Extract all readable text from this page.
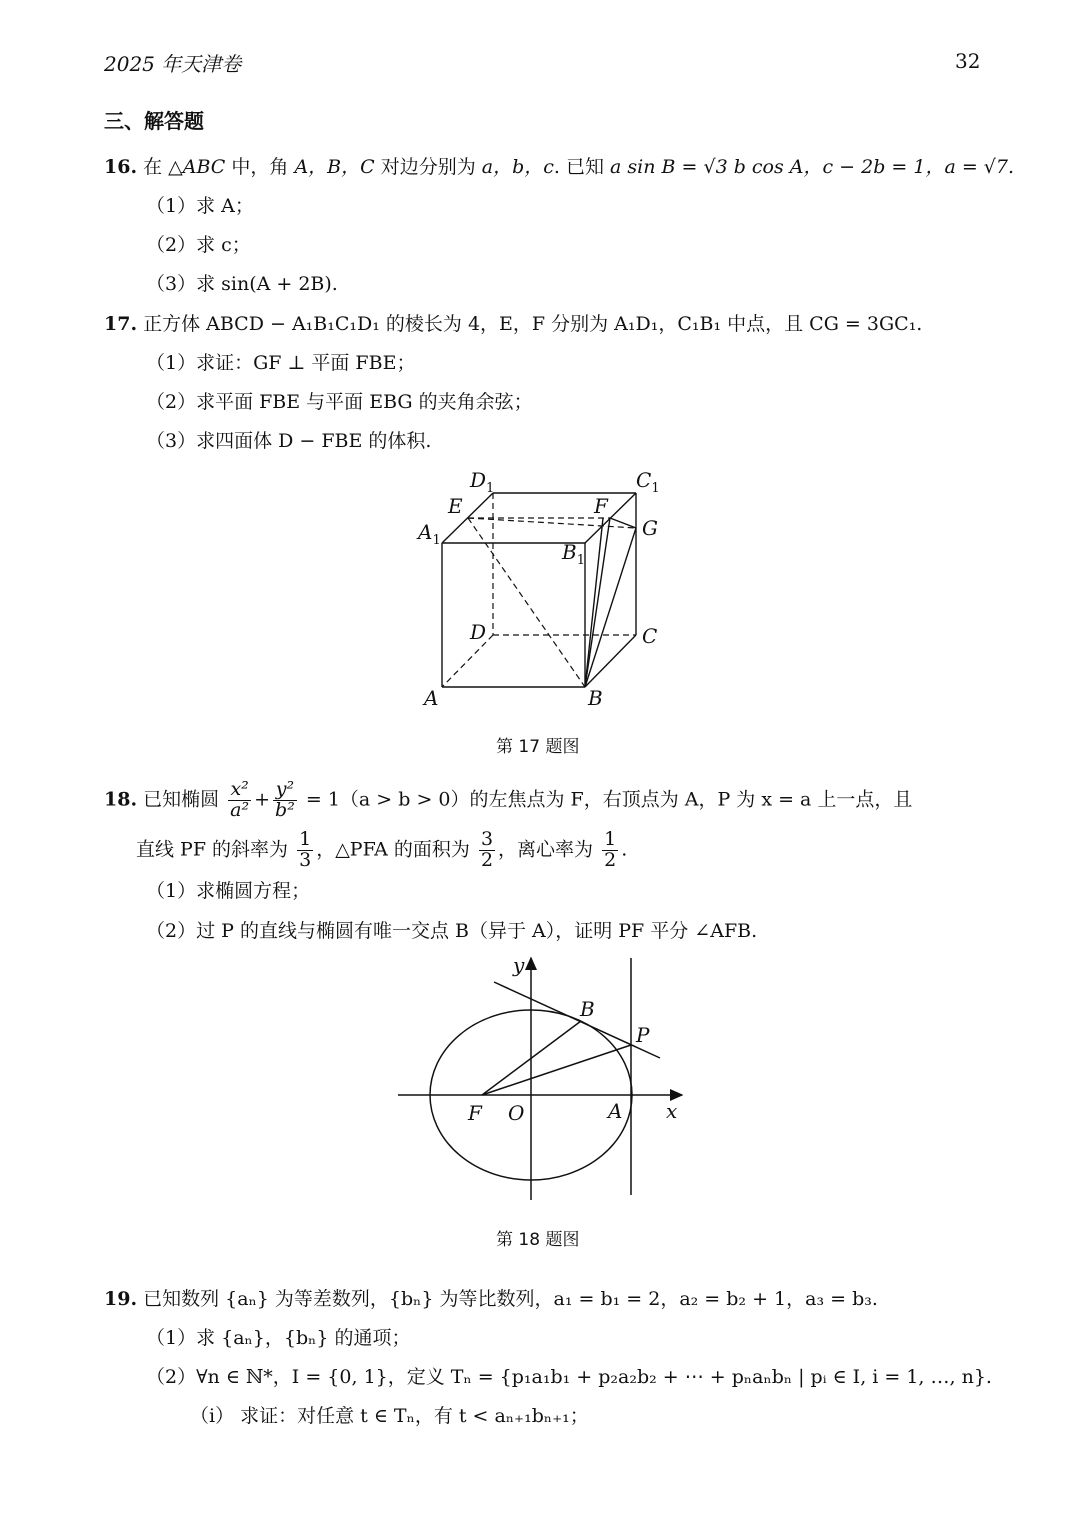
2025 年天津卷	32
三、解答题
16. 在 △ABC 中，角 A，B，C 对边分别为 a，b，c. 已知 a sin B = √3 b cos A，c − 2b = 1，a = √7.
（1）求 A；
（2）求 c；
（3）求 sin(A + 2B).
17. 正方体 ABCD − A₁B₁C₁D₁ 的棱长为 4，E，F 分别为 A₁D₁，C₁B₁ 中点，且 CG = 3GC₁.
（1）求证：GF ⊥ 平面 FBE；
（2）求平面 FBE 与平面 EBG 的夹角余弦；
（3）求四面体 D − FBE 的体积.
$D_1$	$C_1$
E	F
G
$A_1$	$B_1$
D	C
A	B
第 17 题图
18. 已知椭圆 $\frac{\text{x²}}{\text{a²}} + \frac{\text{y²}}{\text{b²}} = 1(a > b > 0)$的左焦点为 F，右顶点为 A，P 为 x = a 上一点，且
直线 PF 的斜率为 $\frac{1}{3}$ ，△PFA 的面积为 $\frac{3}{2}$ ，离心率为 $\frac{1}{2}$ .
（1）求椭圆方程；
（2）过 P 的直线与椭圆有唯一交点 B（异于 A），证明 PF 平分 ∠AFB.
y
x
B
P
F O	A
第 18 题图
19. 已知数列 {aₙ} 为等差数列，{bₙ} 为等比数列，a₁ = b₁ = 2，a₂ = b₂ + 1，a₃ = b₃.
（1）求 {aₙ}，{bₙ} 的通项；
（2）∀n ∈ ℕ*，I = {0, 1}，定义 Tₙ = {p₁a₁b₁ + p₂a₂b₂ + ⋯ + pₙaₙbₙ | pᵢ ∈ I, i = 1, …, n}.
（i） 求证：对任意 t ∈ Tₙ，有 t < aₙ₊₁bₙ₊₁；
